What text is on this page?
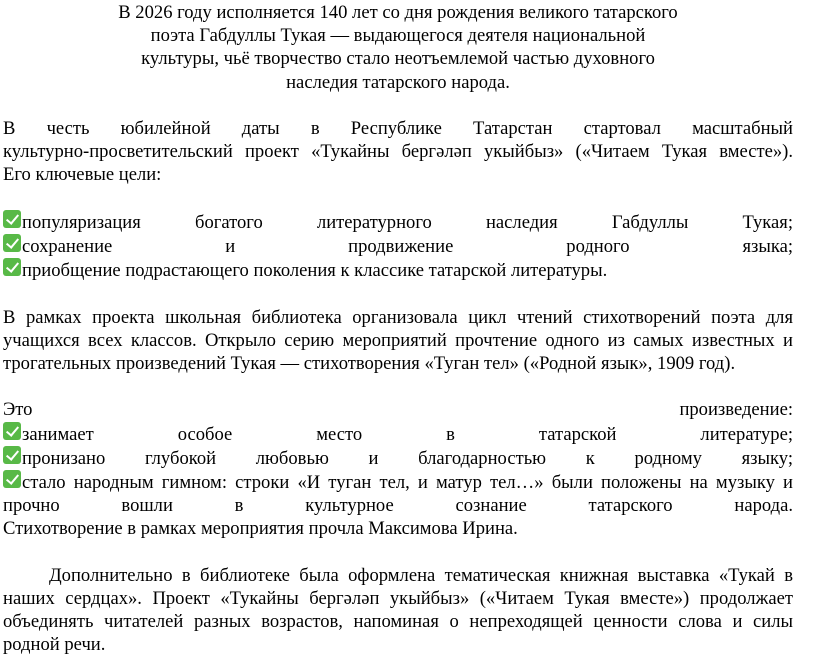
В 2026 году исполняется 140 лет со дня рождения великого татарского
поэта Габдуллы Тукая — выдающегося деятеля национальной
культуры, чьё творчество стало неотъемлемой частью духовного
наследия татарского народа.
В честь юбилейной даты в Республике Татарстан стартовал масштабный
культурно-просветительский проект «Тукайны бергәләп укыйбыз» («Читаем Тукая вместе»).
Его ключевые цели:
популяризация богатого литературного наследия Габдуллы Тукая;
сохранение и продвижение родного языка;
приобщение подрастающего поколения к классике татарской литературы.
В рамках проекта школьная библиотека организовала цикл чтений стихотворений поэта для
учащихся всех классов. Открыло серию мероприятий прочтение одного из самых известных и
трогательных произведений Тукая — стихотворения «Туган тел» («Родной язык», 1909 год).
Это	произведение:
занимает особое место в татарской литературе;
пронизано глубокой любовью и благодарностью к родному языку;
стало народным гимном: строки «И туган тел, и матур тел…» были положены на музыку и
прочно вошли в культурное сознание татарского народа.
Стихотворение в рамках мероприятия прочла Максимова Ирина.
Дополнительно в библиотеке была оформлена тематическая книжная выставка «Тукай в
наших сердцах». Проект «Тукайны бергәләп укыйбыз» («Читаем Тукая вместе») продолжает
объединять читателей разных возрастов, напоминая о непреходящей ценности слова и силы
родной речи.
